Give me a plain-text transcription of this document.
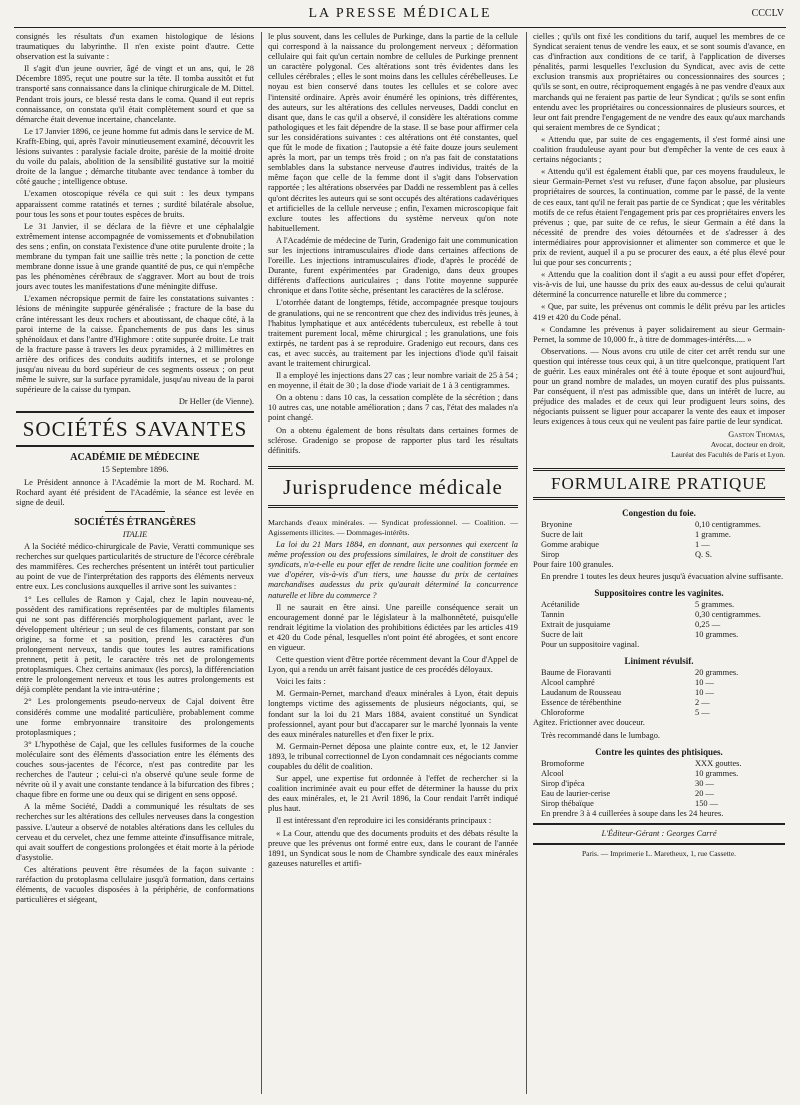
LA PRESSE MÉDICALE	CCCLV

consignés les résultats d'un examen histologique de lésions traumatiques du labyrinthe. Il n'en existe point d'autre. Cette observation est la suivante :

Il s'agit d'un jeune ouvrier, âgé de vingt et un ans, qui, le 28 Décembre 1895, reçut une poutre sur la tête. Il tomba aussitôt et fut transporté sans connaissance dans la clinique chirurgicale de M. Dittel. Pendant trois jours, ce blessé resta dans le coma. Quand il eut repris connaissance, on constata qu'il était complètement sourd et que sa démarche était devenue incertaine, chancelante.

Le 17 Janvier 1896, ce jeune homme fut admis dans le service de M. Krafft-Ebing, qui, après l'avoir minutieusement examiné, découvrit les lésions suivantes : paralysie faciale droite, parésie de la moitié droite du voile du palais, abolition de la sensibilité gustative sur la moitié droite de la langue ; démarche titubante avec tendance à tomber du côté gauche ; intelligence obtuse.

L'examen otoscopique révéla ce qui suit : les deux tympans apparaissent comme ratatinés et ternes ; surdité bilatérale absolue, pour tous les sons et pour toutes espèces de bruits.

Le 31 Janvier, il se déclara de la fièvre et une céphalalgie extrêmement intense accompagnée de vomissements et d'obnubilation des sens ; enfin, on constata l'existence d'une otite purulente droite ; la membrane du tympan fait une saillie très nette ; la ponction de cette membrane donne issue à une grande quantité de pus, ce qui n'empêche pas les phénomènes cérébraux de s'aggraver. Mort au bout de trois jours avec toutes les manifestations d'une méningite diffuse.

L'examen nécropsique permit de faire les constatations suivantes : lésions de méningite suppurée généralisée ; fracture de la base du crâne intéressant les deux rochers et aboutissant, de chaque côté, à la paroi interne de la caisse. Épanchements de pus dans les sinus sphénoïdaux et dans l'antre d'Highmore : otite suppurée droite. Le trait de la fracture passe à travers les deux pyramides, à 2 millimètres en arrière des orifices des conduits auditifs internes, et se prolonge jusqu'au niveau du bord supérieur de ces segments osseux ; on peut même le suivre, sur la surface pyramidale, jusqu'au niveau de la paroi supérieure de la caisse du tympan.

Dr Heller (de Vienne).

SOCIÉTÉS SAVANTES
ACADÉMIE DE MÉDECINE

15 Septembre 1896.

Le Président annonce à l'Académie la mort de M. Rochard. M. Rochard ayant été président de l'Académie, la séance est levée en signe de deuil.

SOCIÉTÉS ÉTRANGÈRES

ITALIE

A la Société médico-chirurgicale de Pavie, Veratti communique ses recherches sur quelques particularités de structure de l'écorce cérébrale des mammifères. Ces recherches présentent un intérêt tout particulier au point de vue de l'interprétation des rapports des éléments nerveux entre eux. Les conclusions auxquelles il arrive sont les suivantes :

1° Les cellules de Ramon y Cajal, chez le lapin nouveau-né, possèdent des ramifications représentées par de multiples filaments qui ne sont pas différenciés morphologiquement parlant, avec le développement ultérieur ; un seul de ces filaments, constant par son origine, sa forme et sa position, prend les caractères d'un prolongement nerveux, tandis que toutes les autres ramifications prennent, petit à petit, le caractère très net de prolongements protoplasmiques. Chez certains animaux (les porcs), la différenciation entre le prolongement nerveux et tous les autres prolongements est déjà complète pendant la vie intra-utérine ;

2° Les prolongements pseudo-nerveux de Cajal doivent être considérés comme une modalité particulière, probablement comme une forme embryonnaire transitoire des prolongements protoplasmiques ;

3° L'hypothèse de Cajal, que les cellules fusiformes de la couche moléculaire sont des éléments d'association entre les éléments des couches sous-jacentes de l'écorce, n'est pas contredite par les recherches de l'auteur ; celui-ci n'a observé qu'une seule forme de névrite où il y avait une constante tendance à la bifurcation des fibres ; chaque fibre en forme une ou deux qui se dirigent en sens opposé.

A la même Société, Daddi a communiqué les résultats de ses recherches sur les altérations des cellules nerveuses dans la congestion passive. L'auteur a observé de notables altérations dans les cellules du cerveau et du cervelet, chez une femme atteinte d'insuffisance mitrale, qui avait souffert de congestions prolongées et était morte à la période d'asystolie.

Ces altérations peuvent être résumées de la façon suivante : raréfaction du protoplasma cellulaire jusqu'à formation, dans certains éléments, de vacuoles disposées à la périphérie, de conformations particulières et siégeant,

le plus souvent, dans les cellules de Purkinge, dans la partie de la cellule qui correspond à la naissance du prolongement nerveux ; déformation cellulaire qui fait qu'un certain nombre de cellules de Purkinge prennent un caractère polygonal. Ces altérations sont très évidentes dans les cellules cérébrales ; elles le sont moins dans les cellules cérébelleuses. Le noyau est bien conservé dans toutes les cellules et se colore avec l'intensité ordinaire. Après avoir énuméré les opinions, très différentes, des auteurs, sur les altérations des cellules nerveuses, Daddi conclut en disant que, dans le cas qu'il a observé, il considère les altérations comme pathologiques et les fait dépendre de la stase. Il se base pour affirmer cela sur les considérations suivantes : ces altérations ont été constantes, quel que fût le mode de fixation ; l'autopsie a été faite douze jours seulement après la mort, par un temps très froid ; on n'a pas fait de constatations semblables dans la substance nerveuse d'autres individus, traités de la même façon que celle de la femme dont il s'agit dans l'observation rapportée ; les altérations observées par Daddi ne ressemblent pas à celles qu'ont décrites les auteurs qui se sont occupés des altérations cadavériques et artificielles de la cellule nerveuse ; enfin, l'examen microscopique fait exclure toutes les affections du système nerveux qu'on note habituellement.

A l'Académie de médecine de Turin, Gradenigo fait une communication sur les injections intramusculaires d'iode dans certaines affections de l'oreille. Les injections intramusculaires d'iode, d'après le procédé de Durante, furent expérimentées par Gradenigo, dans deux groupes différents d'affections auriculaires ; dans l'otite moyenne suppurée chronique et dans l'otite sèche, présentant les caractères de la sclérose.

L'otorrhée datant de longtemps, fétide, accompagnée presque toujours de granulations, qui ne se rencontrent que chez des individus très jeunes, à l'habitus lymphatique et aux antécédents tuberculeux, est rebelle à tout traitement purement local, même chirurgical ; les granulations, une fois extirpés, ne tardent pas à se reproduire. Gradenigo eut recours, dans ces cas, et avec succès, au traitement par les injections d'iode qu'il faisait avant le traitement chirurgical.

Il a employé les injections dans 27 cas ; leur nombre variait de 25 à 54 ; en moyenne, il était de 30 ; la dose d'iode variait de 1 à 3 centigrammes.

On a obtenu : dans 10 cas, la cessation complète de la sécrétion ; dans 10 autres cas, une notable amélioration ; dans 7 cas, l'état des malades n'a point changé.

On a obtenu également de bons résultats dans certaines formes de sclérose. Gradenigo se propose de rapporter plus tard les résultats définitifs.

Jurisprudence médicale

Marchands d'eaux minérales. — Syndicat professionnel. — Coalition. — Agissements illicites. — Dommages-intérêts.

La loi du 21 Mars 1884, en donnant, aux personnes qui exercent la même profession ou des professions similaires, le droit de constituer des syndicats, n'a-t-elle eu pour effet de rendre licite une coalition formée en vue d'opérer, vis-à-vis d'un tiers, une hausse du prix de certaines marchandises audessus du prix qu'aurait déterminé la concurrence naturelle et libre du commerce ?

Il ne saurait en être ainsi. Une pareille conséquence serait un encouragement donné par le législateur à la malhonnêteté, puisqu'elle rendrait légitime la violation des prohibitions édictées par les articles 419 et 420 du Code pénal, lesquelles n'ont point été abrogées, et sont encore en vigueur.

Cette question vient d'être portée récemment devant la Cour d'Appel de Lyon, qui a rendu un arrêt faisant justice de ces procédés déloyaux.

Voici les faits :

M. Germain-Pernet, marchand d'eaux minérales à Lyon, était depuis longtemps victime des agissements de plusieurs négociants, qui, se fondant sur la loi du 21 Mars 1884, avaient constitué un Syndicat professionnel, ayant pour but d'accaparer sur le marché lyonnais la vente des eaux minérales naturelles et d'en fixer le prix.

M. Germain-Pernet déposa une plainte contre eux, et, le 12 Janvier 1893, le tribunal correctionnel de Lyon condamnait ces négociants comme coupables du délit de coalition.

Sur appel, une expertise fut ordonnée à l'effet de rechercher si la coalition incriminée avait eu pour effet de déterminer la hausse du prix des eaux minérales, et, le 21 Avril 1896, la Cour rendait l'arrêt indiqué plus haut.

Il est intéressant d'en reproduire ici les considérants principaux :

« La Cour, attendu que des documents produits et des débats résulte la preuve que les prévenus ont formé entre eux, dans le courant de l'année 1891, un Syndicat sous le nom de Chambre syndicale des eaux minérales gazeuses naturelles et artifi-

cielles ; qu'ils ont fixé les conditions du tarif, auquel les membres de ce Syndicat seraient tenus de vendre les eaux, et se sont soumis d'avance, en cas d'infraction aux conditions de ce tarif, à l'application de diverses pénalités, parmi lesquelles l'exclusion du Syndicat, avec avis de cette exclusion transmis aux propriétaires ou concessionnaires des sources ; qu'ils se sont, en outre, réciproquement engagés à ne pas vendre d'eaux aux marchands qui ne feraient pas partie de leur Syndicat ; qu'ils se sont enfin entendu avec les propriétaires ou concessionnaires de plusieurs sources, et leur ont fait prendre l'engagement de ne vendre des eaux qu'aux marchands qui seraient membres de ce Syndicat ;

« Attendu que, par suite de ces engagements, il s'est formé ainsi une coalition frauduleuse ayant pour but d'empêcher la vente de ces eaux à certains négociants ;

« Attendu qu'il est également établi que, par ces moyens frauduleux, le sieur Germain-Pernet s'est vu refuser, d'une façon absolue, par plusieurs propriétaires de sources, la continuation, comme par le passé, de la vente de ces eaux, tant qu'il ne ferait pas partie de ce Syndicat ; que les véritables motifs de ce refus étaient l'engagement pris par ces propriétaires envers les prévenus ; que, par suite de ce refus, le sieur Germain a été dans la nécessité de prendre des voies détournées et de s'adresser à des intermédiaires pour approvisionner et alimenter son commerce et que le prix de revient, auquel il a pu se procurer des eaux, a été plus élevé pour lui que pour ses concurrents ;

« Attendu que la coalition dont il s'agit a eu aussi pour effet d'opérer, vis-à-vis de lui, une hausse du prix des eaux au-dessus de celui qu'aurait déterminé la concurrence naturelle et libre du commerce ;

« Que, par suite, les prévenus ont commis le délit prévu par les articles 419 et 420 du Code pénal.

« Condamne les prévenus à payer solidairement au sieur Germain-Pernet, la somme de 10,000 fr., à titre de dommages-intérêts..... »

Observations. — Nous avons cru utile de citer cet arrêt rendu sur une question qui intéresse tous ceux qui, à un titre quelconque, pratiquent l'art de guérir. Les eaux minérales ont été à toute époque et sont aujourd'hui, pour un grand nombre de malades, un moyen curatif des plus puissants. Par conséquent, il n'est pas admissible que, dans un intérêt de lucre, au préjudice des malades et de ceux qui leur prodiguent leurs soins, des négociants puissent se liguer pour accaparer la vente des eaux et imposer leurs exigences à tous ceux qui ne veulent pas faire partie de leur syndicat.

Gaston Thomas,
Avocat, docteur en droit,
Lauréat des Facultés de Paris et Lyon.
FORMULAIRE PRATIQUE
Congestion du foie.
Bryonine	0,10 centigrammes.
Sucre de lait	1 gramme.
Gomme arabique	1 —
Sirop	Q. S.

Pour faire 100 granules.

En prendre 1 toutes les deux heures jusqu'à évacuation alvine suffisante.

Suppositoires contre les vaginites.
Acétanilide	5 grammes.
Tannin	0,30 centigrammes.
Extrait de jusquiame	0,25 —
Sucre de lait	10 grammes.

Pour un suppositoire vaginal.

Liniment révulsif.
Baume de Fioravanti	20 grammes.
Alcool camphré	10 —
Laudanum de Rousseau	10 —
Essence de térébenthine	2 —
Chloroforme	5 —

Agitez. Frictionner avec douceur.

Très recommandé dans le lumbago.

Contre les quintes des phtisiques.
Bromoforme	XXX gouttes.
Alcool	10 grammes.
Sirop d'ipéca	30 —
Eau de laurier-cerise	20 —
Sirop thébaïque	150 —

En prendre 3 à 4 cuillerées à soupe dans les 24 heures.

L'Éditeur-Gérant : Georges Carré
Paris. — Imprimerie L. Maretheux, 1, rue Cassette.
